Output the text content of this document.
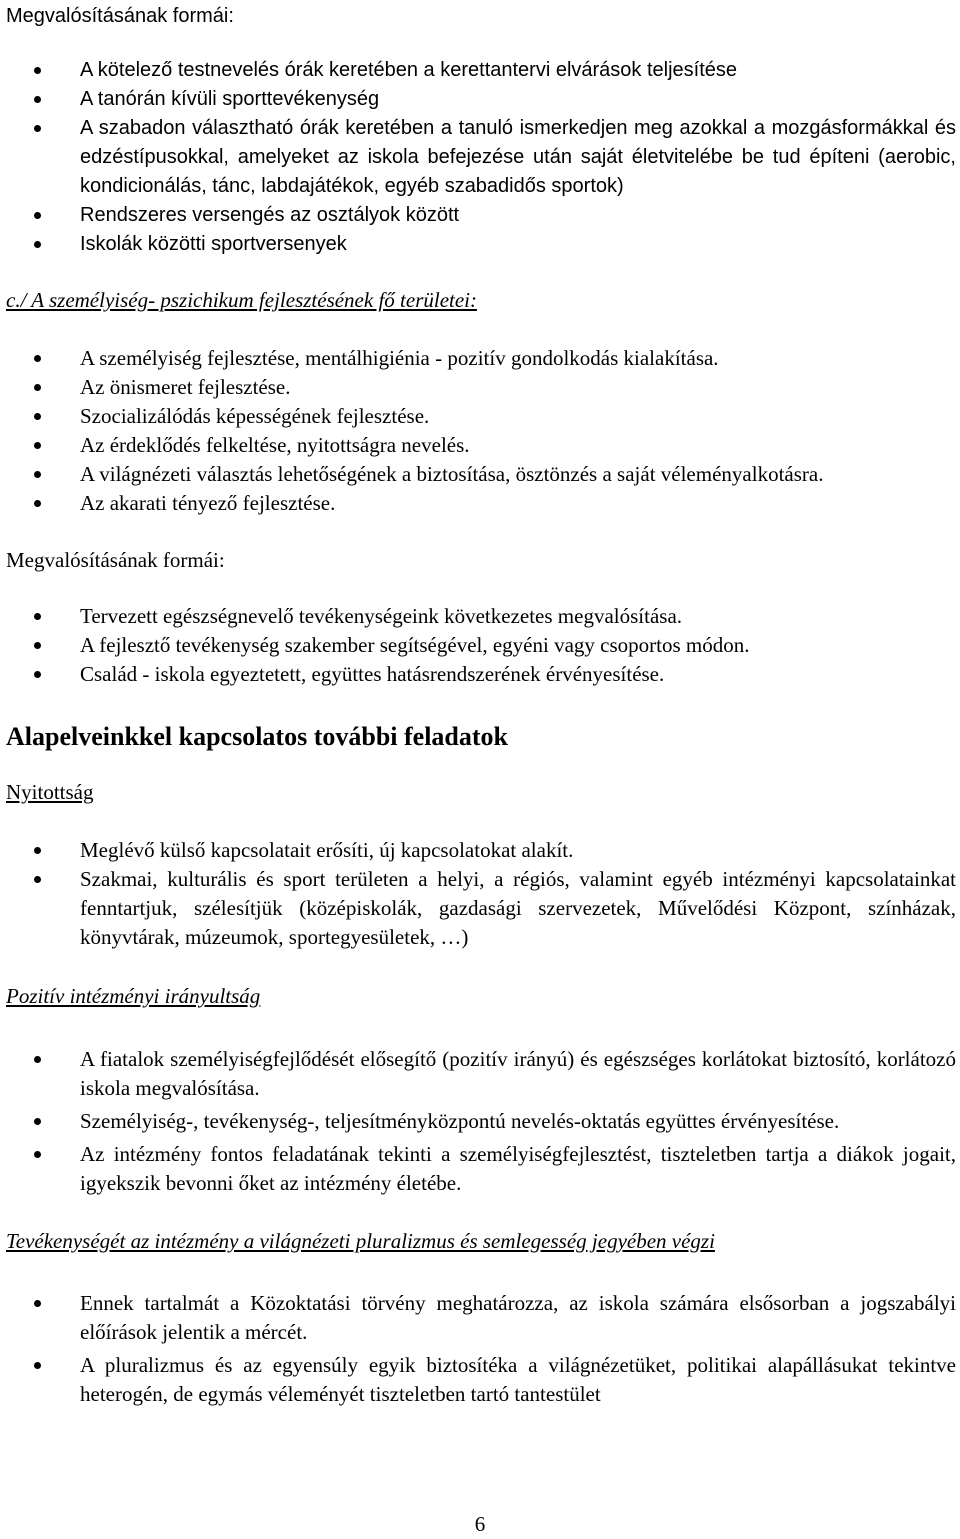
Megvalósításának formái:
A kötelező testnevelés órák keretében a kerettantervi elvárások teljesítése
A tanórán kívüli sporttevékenység
A szabadon választható órák keretében a tanuló ismerkedjen meg azokkal a mozgásformákkal és edzéstípusokkal, amelyeket az iskola befejezése után saját életvitelébe be tud építeni (aerobic, kondicionálás, tánc, labdajátékok, egyéb szabadidős sportok)
Rendszeres versengés az osztályok között
Iskolák közötti sportversenyek
c./ A személyiség- pszichikum fejlesztésének fő területei:
A személyiség fejlesztése, mentálhigiénia - pozitív gondolkodás kialakítása.
Az önismeret fejlesztése.
Szocializálódás képességének fejlesztése.
Az érdeklődés felkeltése, nyitottságra nevelés.
A világnézeti választás lehetőségének a biztosítása, ösztönzés a saját véleményalkotásra.
Az akarati tényező fejlesztése.
Megvalósításának formái:
Tervezett egészségnevelő tevékenységeink következetes megvalósítása.
A fejlesztő tevékenység szakember segítségével, egyéni vagy csoportos módon.
Család - iskola egyeztetett, együttes hatásrendszerének érvényesítése.
Alapelveinkkel kapcsolatos további feladatok
Nyitottság
Meglévő külső kapcsolatait erősíti, új kapcsolatokat alakít.
Szakmai, kulturális és sport területen a helyi, a régiós, valamint egyéb intézményi kapcsolatainkat fenntartjuk, szélesítjük (középiskolák, gazdasági szervezetek, Művelődési Központ, színházak, könyvtárak, múzeumok, sportegyesületek, …)
Pozitív intézményi irányultság
A fiatalok személyiségfejlődését elősegítő (pozitív irányú) és egészséges korlátokat biztosító, korlátozó iskola megvalósítása.
Személyiség-, tevékenység-, teljesítményközpontú nevelés-oktatás együttes érvényesítése.
Az intézmény fontos feladatának tekinti a személyiségfejlesztést, tiszteletben tartja a diákok jogait, igyekszik bevonni őket az intézmény életébe.
Tevékenységét az intézmény a világnézeti pluralizmus és semlegesség jegyében végzi
Ennek tartalmát a Közoktatási törvény meghatározza, az iskola számára elsősorban a jogszabályi előírások jelentik a mércét.
A pluralizmus és az egyensúly egyik biztosítéka a világnézetüket, politikai alapállásukat tekintve heterogén, de egymás véleményét tiszteletben tartó tantestület
6
